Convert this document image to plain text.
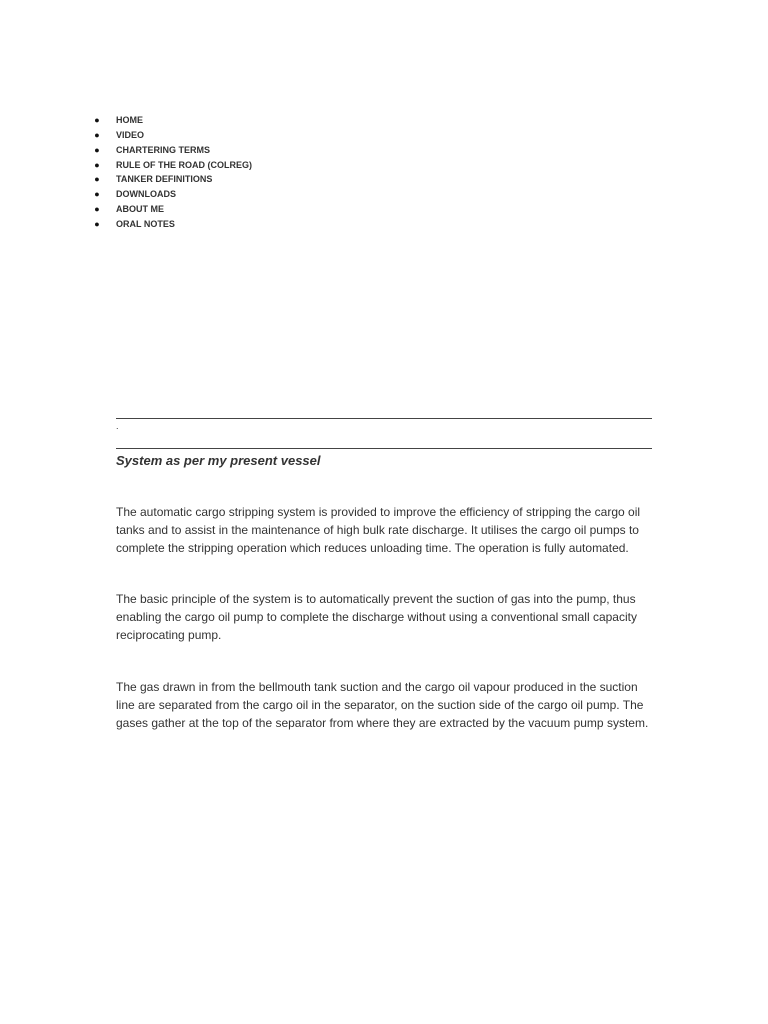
● HOME
● VIDEO
● CHARTERING TERMS
● RULE OF THE ROAD (COLREG)
● TANKER DEFINITIONS
● DOWNLOADS
● ABOUT ME
● ORAL NOTES
.
System as per my present vessel

The automatic cargo stripping system is provided to improve the efficiency of stripping the cargo oil tanks and to assist in the maintenance of high bulk rate discharge. It utilises the cargo oil pumps to complete the stripping operation which reduces unloading time. The operation is fully automated.

The basic principle of the system is to automatically prevent the suction of gas into the pump, thus enabling the cargo oil pump to complete the discharge without using a conventional small capacity reciprocating pump.

The gas drawn in from the bellmouth tank suction and the cargo oil vapour produced in the suction line are separated from the cargo oil in the separator, on the suction side of the cargo oil pump. The gases gather at the top of the separator from where they are extracted by the vacuum pump system.
